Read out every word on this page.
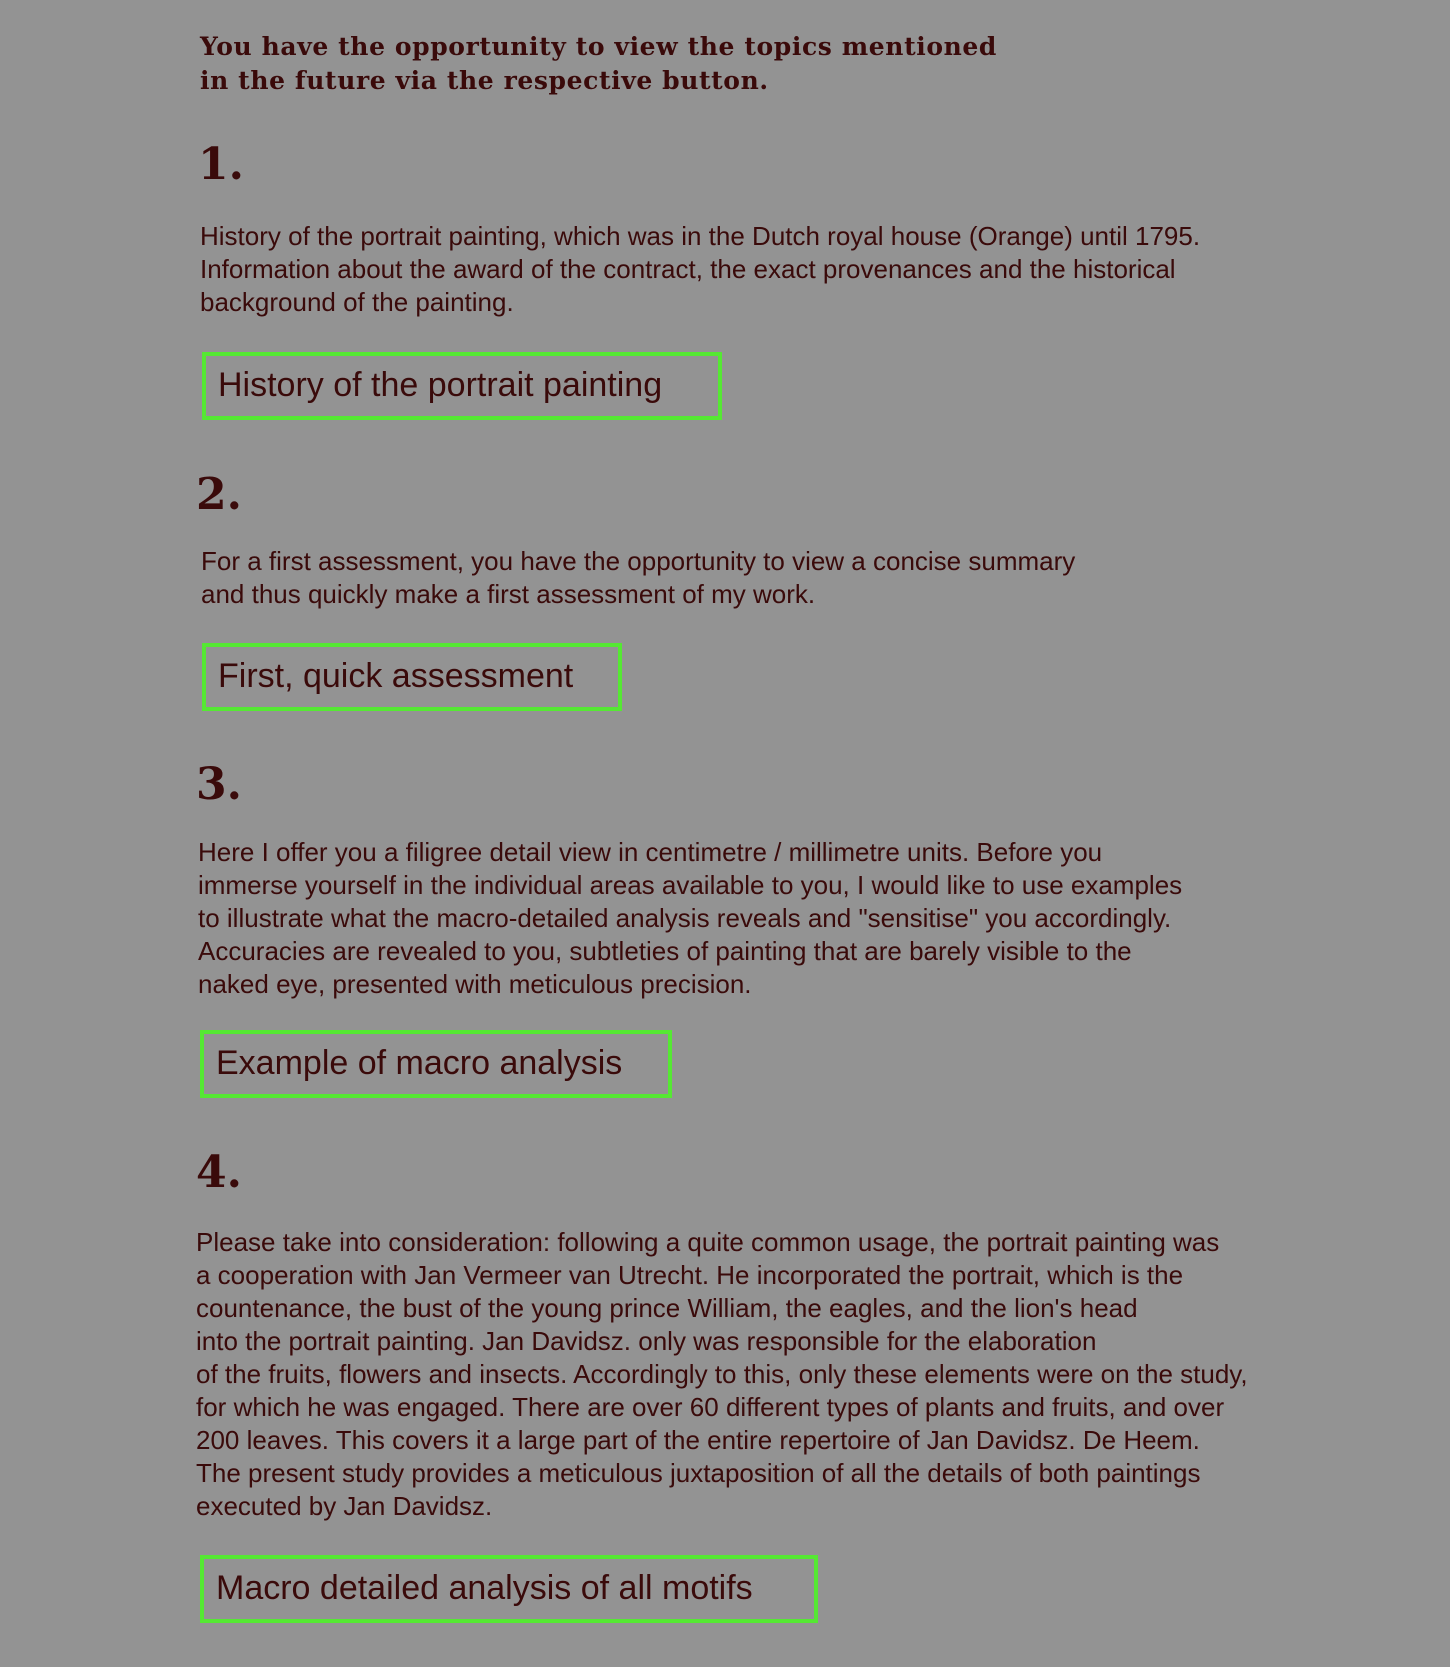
You have the opportunity to view the topics mentioned
in the future via the respective button.
1.
History of the portrait painting, which was in the Dutch royal house (Orange) until 1795.
Information about the award of the contract, the exact provenances and the historical
background of the painting.
History of the portrait painting
2.
For a first assessment, you have the opportunity to view a concise summary
and thus quickly make a first assessment of my work.
First, quick assessment
3.
Here I offer you a filigree detail view in centimetre / millimetre units. Before you
immerse yourself in the individual areas available to you, I would like to use examples
to illustrate what the macro-detailed analysis reveals and "sensitise" you accordingly.
Accuracies are revealed to you, subtleties of painting that are barely visible to the
naked eye, presented with meticulous precision.
Example of macro analysis
4.
Please take into consideration: following a quite common usage, the portrait painting was
a cooperation with Jan Vermeer van Utrecht. He incorporated the portrait, which is the
countenance, the bust of the young prince William, the eagles, and the lion's head
into the portrait painting. Jan Davidsz. only was responsible for the elaboration
of the fruits, flowers and insects. Accordingly to this, only these elements were on the study,
for which he was engaged. There are over 60 different types of plants and fruits, and over
200 leaves. This covers it a large part of the entire repertoire of Jan Davidsz. De Heem.
The present study provides a meticulous juxtaposition of all the details of both paintings
executed by Jan Davidsz.
Macro detailed analysis of all motifs
